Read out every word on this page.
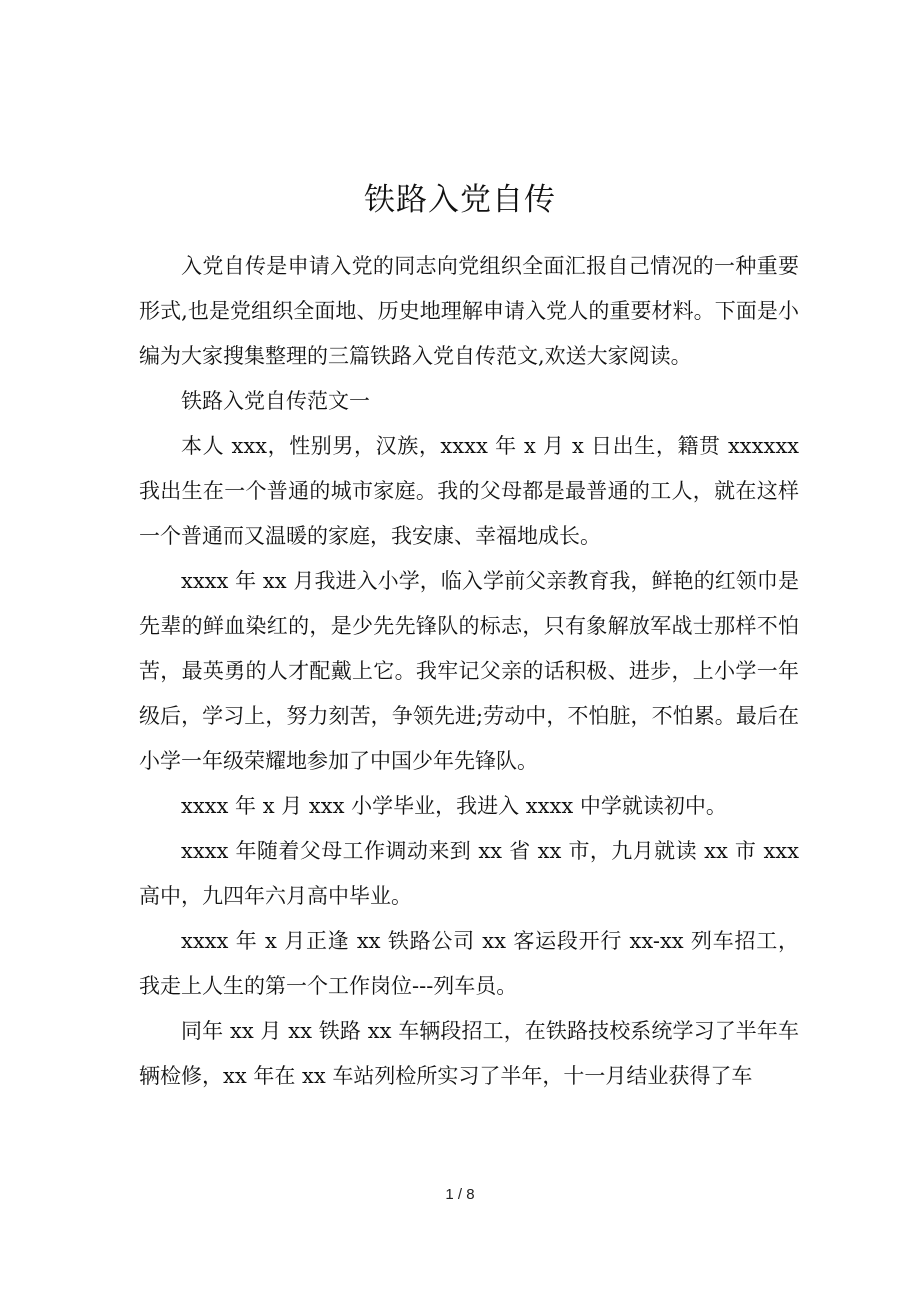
铁路入党自传

入党自传是申请入党的同志向党组织全面汇报自己情况的一种重要形式,也是党组织全面地、历史地理解申请入党人的重要材料。下面是小编为大家搜集整理的三篇铁路入党自传范文,欢送大家阅读。

铁路入党自传范文一

本人 xxx，性别男，汉族，xxxx 年 x 月 x 日出生，籍贯 xxxxxx 我出生在一个普通的城市家庭。我的父母都是最普通的工人，就在这样一个普通而又温暖的家庭，我安康、幸福地成长。

xxxx 年 xx 月我进入小学，临入学前父亲教育我，鲜艳的红领巾是先辈的鲜血染红的，是少先先锋队的标志，只有象解放军战士那样不怕苦，最英勇的人才配戴上它。我牢记父亲的话积极、进步，上小学一年级后，学习上，努力刻苦，争领先进;劳动中，不怕脏，不怕累。最后在小学一年级荣耀地参加了中国少年先锋队。

xxxx 年 x 月 xxx 小学毕业，我进入 xxxx 中学就读初中。

xxxx 年随着父母工作调动来到 xx 省 xx 市，九月就读 xx 市 xxx 高中，九四年六月高中毕业。

xxxx 年 x 月正逢 xx 铁路公司 xx 客运段开行 xx-xx 列车招工，我走上人生的第一个工作岗位---列车员。

同年 xx 月 xx 铁路 xx 车辆段招工，在铁路技校系统学习了半年车辆检修，xx 年在 xx 车站列检所实习了半年，十一月结业获得了车

1 / 8
